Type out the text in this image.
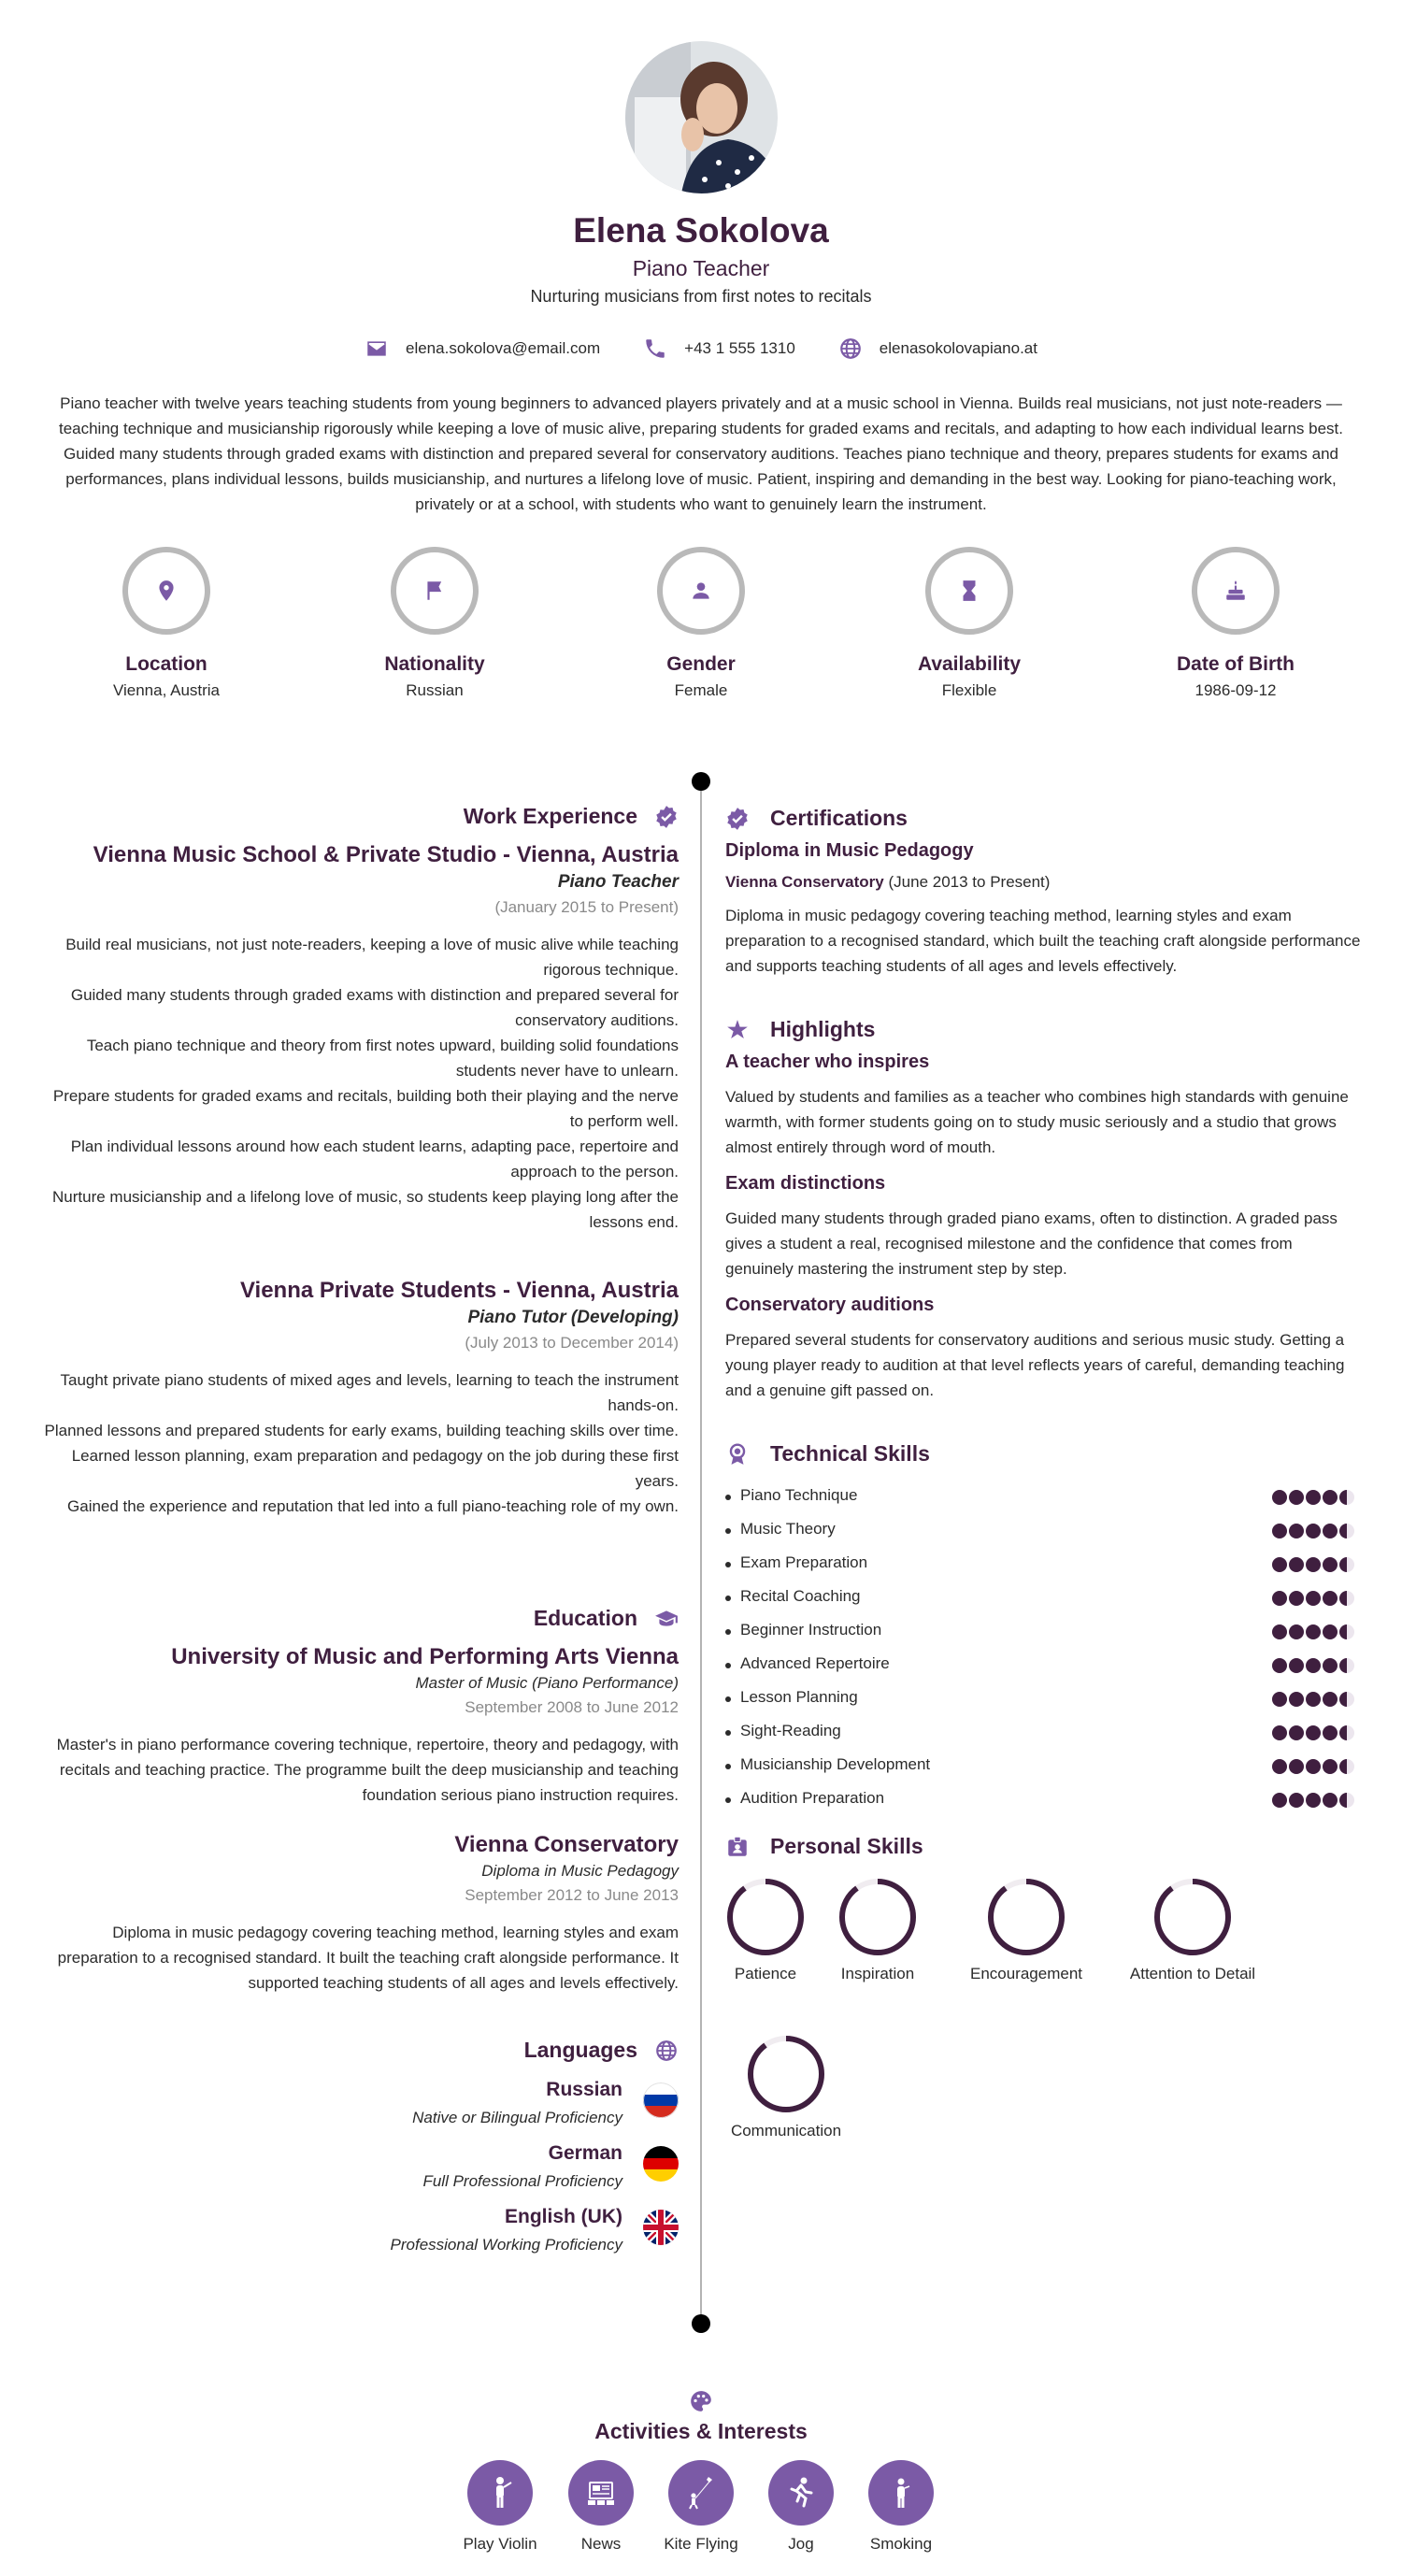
Elena Sokolova
Piano Teacher
Nurturing musicians from first notes to recitals
elena.sokolova@email.com	+43 1 555 1310	elenasokolovapiano.at
Piano teacher with twelve years teaching students from young beginners to advanced players privately and at a music school in Vienna. Builds real musicians, not just note-readers — teaching technique and musicianship rigorously while keeping a love of music alive, preparing students for graded exams and recitals, and adapting to how each individual learns best. Guided many students through graded exams with distinction and prepared several for conservatory auditions. Teaches piano technique and theory, prepares students for exams and performances, plans individual lessons, builds musicianship, and nurtures a lifelong love of music. Patient, inspiring and demanding in the best way. Looking for piano-teaching work, privately or at a school, with students who want to genuinely learn the instrument.
Location
Vienna, Austria
Nationality
Russian
Gender
Female
Availability
Flexible
Date of Birth
1986-09-12
Work Experience
Vienna Music School & Private Studio - Vienna, Austria
Piano Teacher
(January 2015 to Present)
Build real musicians, not just note-readers, keeping a love of music alive while teaching rigorous technique.
Guided many students through graded exams with distinction and prepared several for conservatory auditions.
Teach piano technique and theory from first notes upward, building solid foundations students never have to unlearn.
Prepare students for graded exams and recitals, building both their playing and the nerve to perform well.
Plan individual lessons around how each student learns, adapting pace, repertoire and approach to the person.
Nurture musicianship and a lifelong love of music, so students keep playing long after the lessons end.
Vienna Private Students - Vienna, Austria
Piano Tutor (Developing)
(July 2013 to December 2014)
Taught private piano students of mixed ages and levels, learning to teach the instrument hands-on.
Planned lessons and prepared students for early exams, building teaching skills over time.
Learned lesson planning, exam preparation and pedagogy on the job during these first years.
Gained the experience and reputation that led into a full piano-teaching role of my own.
Education
University of Music and Performing Arts Vienna
Master of Music (Piano Performance)
September 2008 to June 2012
Master's in piano performance covering technique, repertoire, theory and pedagogy, with recitals and teaching practice. The programme built the deep musicianship and teaching foundation serious piano instruction requires.
Vienna Conservatory
Diploma in Music Pedagogy
September 2012 to June 2013
Diploma in music pedagogy covering teaching method, learning styles and exam preparation to a recognised standard. It built the teaching craft alongside performance. It supported teaching students of all ages and levels effectively.
Languages
Russian
Native or Bilingual Proficiency
German
Full Professional Proficiency
English (UK)
Professional Working Proficiency
Certifications
Diploma in Music Pedagogy
Vienna Conservatory (June 2013 to Present)
Diploma in music pedagogy covering teaching method, learning styles and exam preparation to a recognised standard, which built the teaching craft alongside performance and supports teaching students of all ages and levels effectively.
Highlights
A teacher who inspires
Valued by students and families as a teacher who combines high standards with genuine warmth, with former students going on to study music seriously and a studio that grows almost entirely through word of mouth.
Exam distinctions
Guided many students through graded piano exams, often to distinction. A graded pass gives a student a real, recognised milestone and the confidence that comes from genuinely mastering the instrument step by step.
Conservatory auditions
Prepared several students for conservatory auditions and serious music study. Getting a young player ready to audition at that level reflects years of careful, demanding teaching and a genuine gift passed on.
Technical Skills
Piano Technique
Music Theory
Exam Preparation
Recital Coaching
Beginner Instruction
Advanced Repertoire
Lesson Planning
Sight-Reading
Musicianship Development
Audition Preparation
Personal Skills
Patience	Inspiration	Encouragement	Attention to Detail
Communication
Activities & Interests
Play Violin	News	Kite Flying	Jog	Smoking
